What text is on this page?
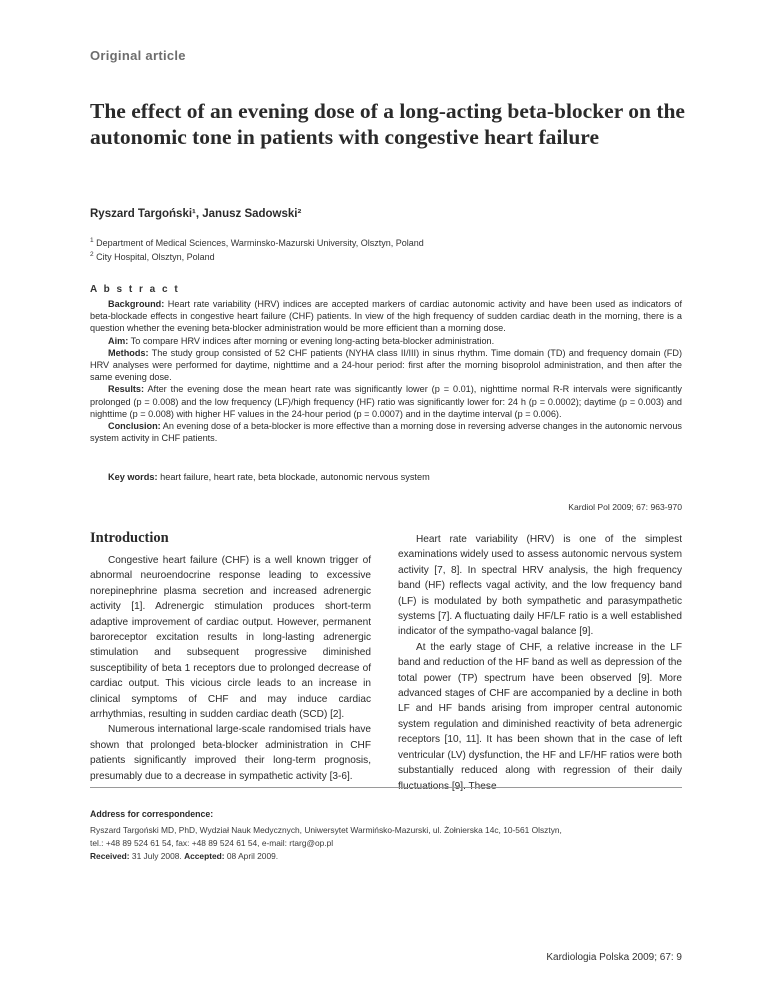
Original article
The effect of an evening dose of a long-acting beta-blocker on the autonomic tone in patients with congestive heart failure
Ryszard Targoński¹, Janusz Sadowski²
$^1$ Department of Medical Sciences, Warminsko-Mazurski University, Olsztyn, Poland
$^2$ City Hospital, Olsztyn, Poland
A b s t r a c t

Background: Heart rate variability (HRV) indices are accepted markers of cardiac autonomic activity and have been used as indicators of beta-blockade effects in congestive heart failure (CHF) patients. In view of the high frequency of sudden cardiac death in the morning, there is a question whether the evening beta-blocker administration would be more efficient than a morning dose.

Aim: To compare HRV indices after morning or evening long-acting beta-blocker administration.

Methods: The study group consisted of 52 CHF patients (NYHA class II/III) in sinus rhythm. Time domain (TD) and frequency domain (FD) HRV analyses were performed for daytime, nighttime and a 24-hour period: first after the morning bisoprolol administration, and then after the same evening dose.

Results: After the evening dose the mean heart rate was significantly lower (p = 0.01), nighttime normal R-R intervals were significantly prolonged (p = 0.008) and the low frequency (LF)/high frequency (HF) ratio was significantly lower for: 24 h (p = 0.0002); daytime (p = 0.003) and nighttime (p = 0.008) with higher HF values in the 24-hour period (p = 0.0007) and in the daytime interval (p = 0.006).

Conclusion: An evening dose of a beta-blocker is more effective than a morning dose in reversing adverse changes in the autonomic nervous system activity in CHF patients.

Key words: heart failure, heart rate, beta blockade, autonomic nervous system
Kardiol Pol 2009; 67: 963-970
Introduction

Congestive heart failure (CHF) is a well known trigger of abnormal neuroendocrine response leading to excessive norepinephrine plasma secretion and increased adrenergic activity [1]. Adrenergic stimulation produces short-term adaptive improvement of cardiac output. However, permanent baroreceptor excitation results in long-lasting adrenergic stimulation and subsequent progressive diminished susceptibility of beta 1 receptors due to prolonged decrease of cardiac output. This vicious circle leads to an increase in clinical symptoms of CHF and may induce cardiac arrhythmias, resulting in sudden cardiac death (SCD) [2].

Numerous international large-scale randomised trials have shown that prolonged beta-blocker administration in CHF patients significantly improved their long-term prognosis, presumably due to a decrease in sympathetic activity [3-6].

Heart rate variability (HRV) is one of the simplest examinations widely used to assess autonomic nervous system activity [7, 8]. In spectral HRV analysis, the high frequency band (HF) reflects vagal activity, and the low frequency band (LF) is modulated by both sympathetic and parasympathetic systems [7]. A fluctuating daily HF/LF ratio is a well established indicator of the sympatho-vagal balance [9].

At the early stage of CHF, a relative increase in the LF band and reduction of the HF band as well as depression of the total power (TP) spectrum have been observed [9]. More advanced stages of CHF are accompanied by a decline in both LF and HF bands arising from improper central autonomic system regulation and diminished reactivity of beta adrenergic receptors [10, 11]. It has been shown that in the case of left ventricular (LV) dysfunction, the HF and LF/HF ratios were both substantially reduced along with regression of their daily fluctuations [9]. These

Address for correspondence:
Ryszard Targoński MD, PhD, Wydział Nauk Medycznych, Uniwersytet Warmińsko-Mazurski, ul. Żołnierska 14c, 10-561 Olsztyn,
tel.: +48 89 524 61 54, fax: +48 89 524 61 54, e-mail: rtarg@op.pl
Received: 31 July 2008. Accepted: 08 April 2009.
Kardiologia Polska 2009; 67: 9
